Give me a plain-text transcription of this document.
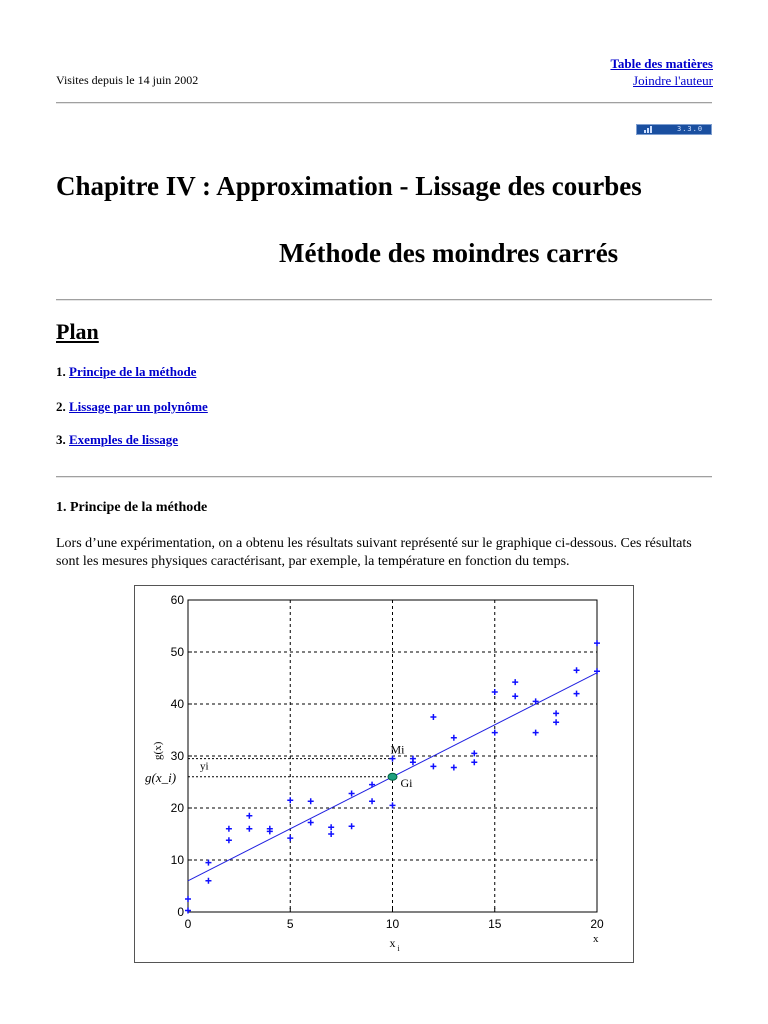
Visites depuis le 14 juin 2002
Table des matières
Joindre l'auteur
3.3.0
Chapitre IV : Approximation - Lissage des courbes
Méthode des moindres carrés
Plan
1. Principe de la méthode
2. Lissage par un polynôme
3. Exemples de lissage
1. Principe de la méthode
Lors d’une expérimentation, on a obtenu les résultats suivant représenté sur le graphique ci-dessous. Ces résultats sont les mesures physiques caractérisant, par exemple, la température en fonction du temps.
0
10
20
30
40
50
60
0	5	10	15	20
Mi
Gi
yi
g(x_i)
g(x)
x i
x
